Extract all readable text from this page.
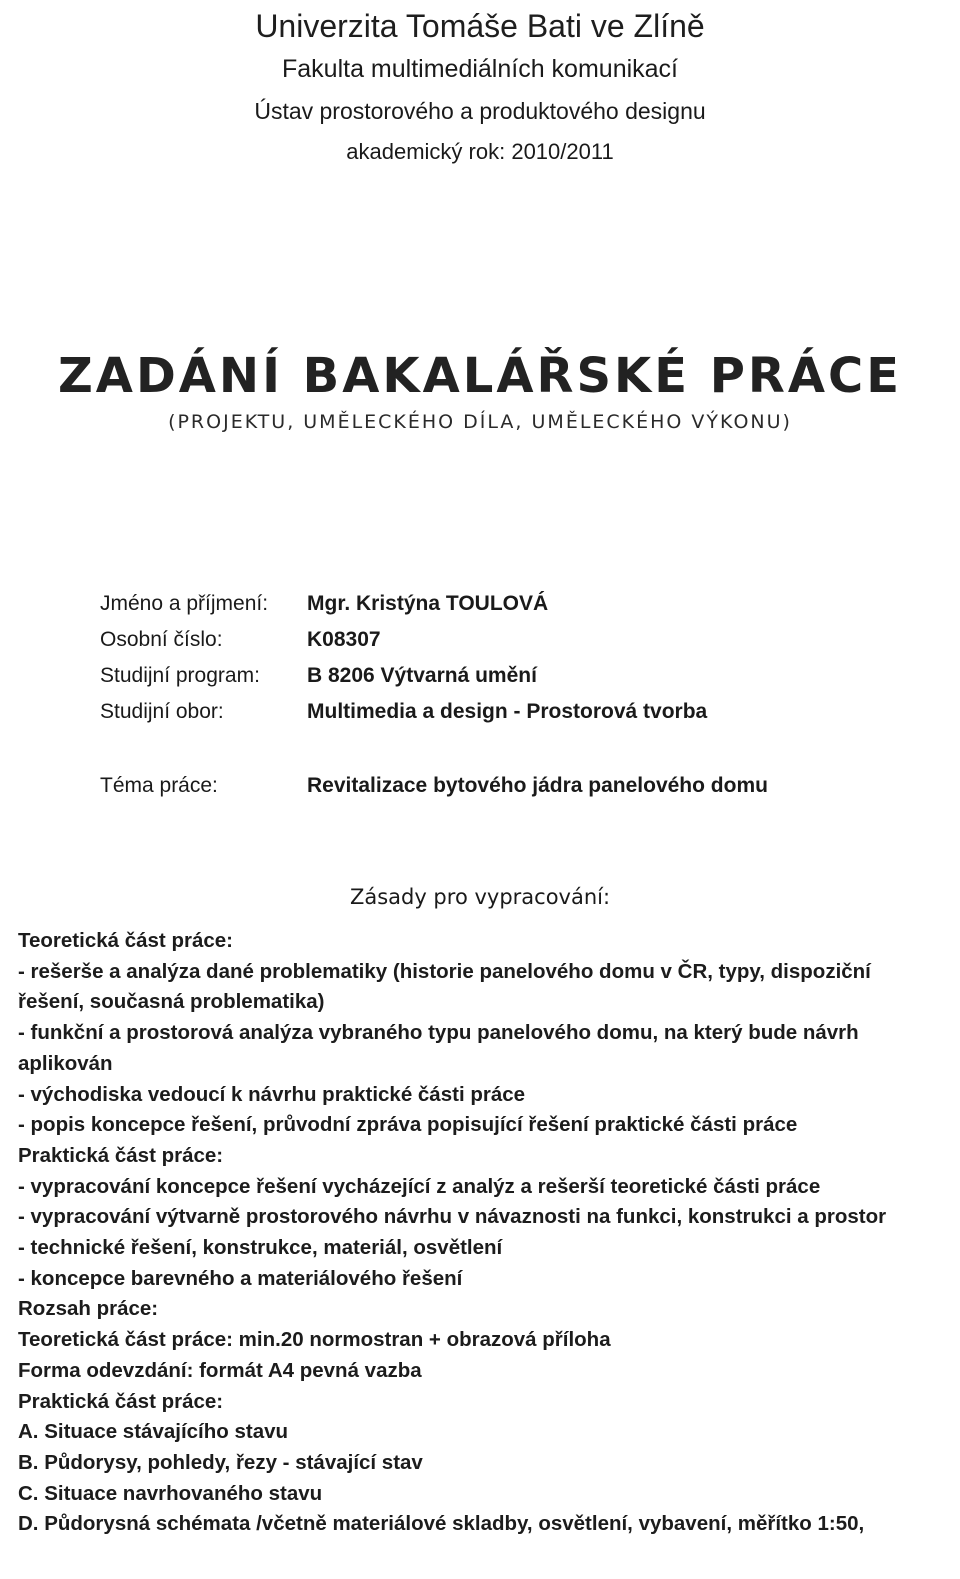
Univerzita Tomáše Bati ve Zlíně
Fakulta multimediálních komunikací
Ústav prostorového a produktového designu
akademický rok: 2010/2011
ZADÁNÍ BAKALÁŘSKÉ PRÁCE
(PROJEKTU, UMĚLECKÉHO DÍLA, UMĚLECKÉHO VÝKONU)
Jméno a příjmení:	Mgr. Kristýna TOULOVÁ
Osobní číslo:	K08307
Studijní program:	B 8206 Výtvarná umění
Studijní obor:	Multimedia a design - Prostorová tvorba
Téma práce:	Revitalizace bytového jádra panelového domu
Zásady pro vypracování:
Teoretická část práce:
- rešerše a analýza dané problematiky (historie panelového domu v ČR, typy, dispoziční
řešení, současná problematika)
- funkční a prostorová analýza vybraného typu panelového domu, na který bude návrh
aplikován
- východiska vedoucí k návrhu praktické části práce
- popis koncepce řešení, průvodní zpráva popisující řešení praktické části práce
Praktická část práce:
- vypracování koncepce řešení vycházející z analýz a rešerší teoretické části práce
- vypracování výtvarně prostorového návrhu v návaznosti na funkci, konstrukci a prostor
- technické řešení, konstrukce, materiál, osvětlení
- koncepce barevného a materiálového řešení
Rozsah práce:
Teoretická část práce: min.20 normostran + obrazová příloha
Forma odevzdání: formát A4 pevná vazba
Praktická část práce:
A. Situace stávajícího stavu
B. Půdorysy, pohledy, řezy - stávající stav
C. Situace navrhovaného stavu
D. Půdorysná schémata /včetně materiálové skladby, osvětlení, vybavení, měřítko 1:50,
